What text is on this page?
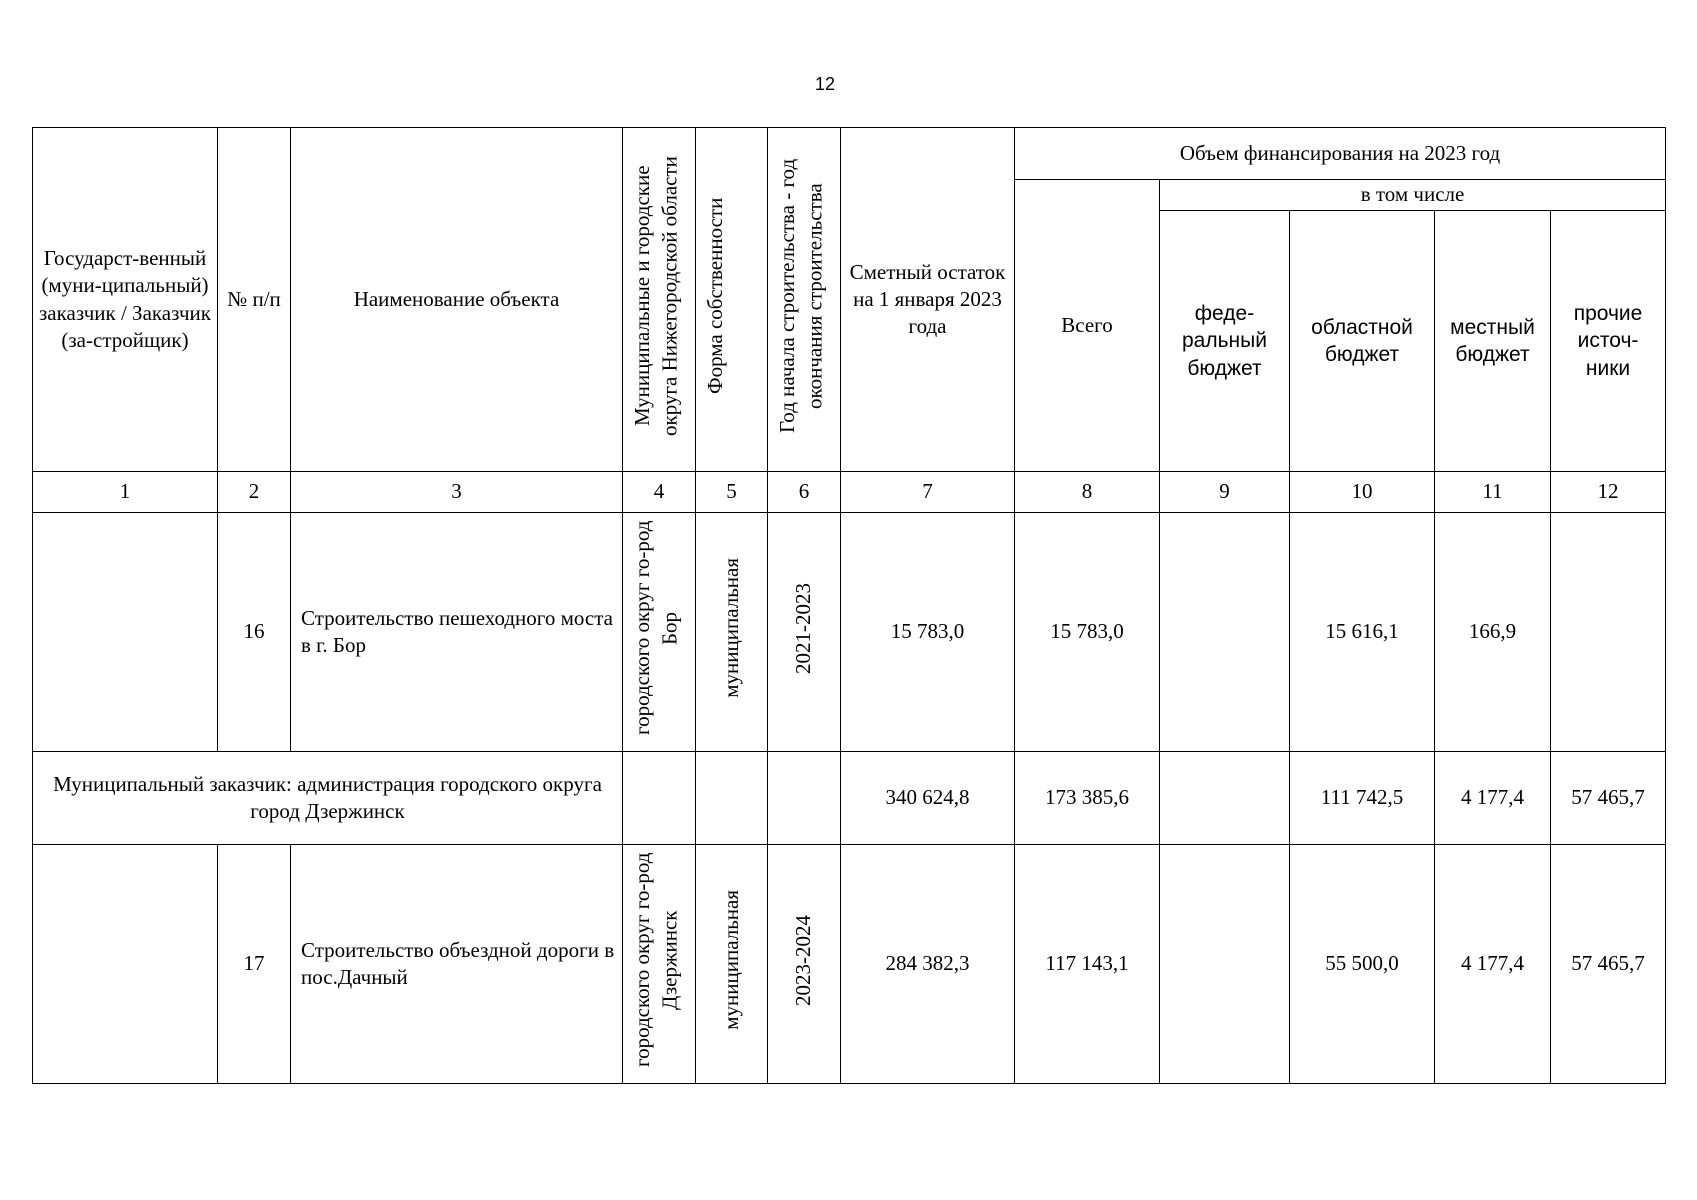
12
Государст-венный (муни-ципальный) заказчик / Заказчик (за-стройщик)	№ п/п	Наименование объекта	Муниципальные и городские округа Нижегородской области	Форма собственности	Год начала строительства - год окончания строительства	Сметный остаток на 1 января 2023 года	Объем финансирования на 2023 год				
							Всего	в том числе			
								феде-ральный бюджет	областной бюджет	местный бюджет	прочие источ-ники
1	2	3	4	5	6	7	8	9	10	11	12
	16	Строительство пешеходного моста в г. Бор	городского округ го-род Бор	муниципальная	2021-2023	15 783,0	15 783,0		15 616,1	166,9	
Муниципальный заказчик: администрация городского округа город Дзержинск						340 624,8	173 385,6		111 742,5	4 177,4	57 465,7
	17	Строительство объездной дороги в пос.Дачный	городского округ го-род Дзержинск	муниципальная	2023-2024	284 382,3	117 143,1		55 500,0	4 177,4	57 465,7
